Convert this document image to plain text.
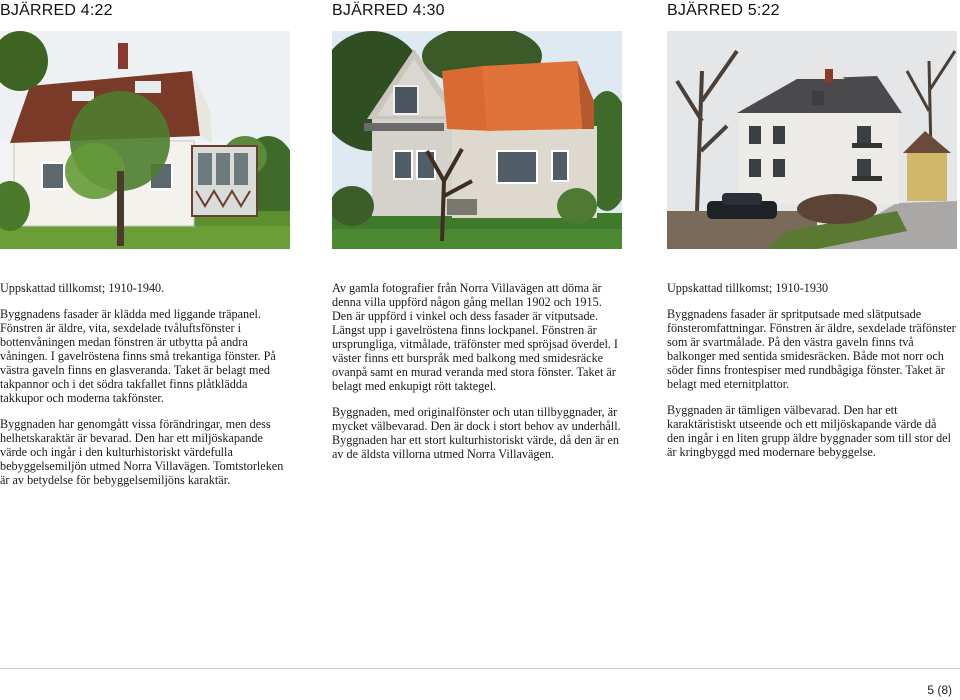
BJÄRRED 4:22

Uppskattad tillkomst; 1910-1940.

Byggnadens fasader är klädda med liggande träpanel. Fönstren är äldre, vita, sexdelade tvåluftsfönster i bottenvåningen medan fönstren är utbytta på andra våningen. I gavelröstena finns små trekantiga fönster. På västra gaveln finns en glasveranda. Taket är belagt med takpannor och i det södra takfallet finns plåtklädda takkupor och moderna takfönster.

Byggnaden har genomgått vissa förändringar, men dess helhetskaraktär är bevarad. Den har ett miljöskapande värde och ingår i den kulturhistoriskt värdefulla bebyggelsemiljön utmed Norra Villavägen. Tomtstorleken är av betydelse för bebyggelsemiljöns karaktär.

BJÄRRED 4:30

Av gamla fotografier från Norra Villavägen att döma är denna villa uppförd någon gång mellan 1902 och 1915. Den är uppförd i vinkel och dess fasader är vitputsade. Längst upp i gavelröstena finns lockpanel. Fönstren är ursprungliga, vitmålade, träfönster med spröjsad överdel. I väster finns ett burspråk med balkong med smidesräcke ovanpå samt en murad veranda med stora fönster. Taket är belagt med enkupigt rött taktegel.

Byggnaden, med originalfönster och utan tillbyggnader, är mycket välbevarad. Den är dock i stort behov av underhåll. Byggnaden har ett stort kulturhistoriskt värde, då den är en av de äldsta villorna utmed Norra Villavägen.

BJÄRRED 5:22

Uppskattad tillkomst; 1910-1930

Byggnadens fasader är spritputsade med slätputsade fönsteromfattningar. Fönstren är äldre, sexdelade träfönster som är svartmålade. På den västra gaveln finns två balkonger med sentida smidesräcken. Både mot norr och söder finns frontespiser med rundbågiga fönster. Taket är belagt med eternitplattor.

Byggnaden är tämligen välbevarad. Den har ett karaktäristiskt utseende och ett miljöskapande värde då den ingår i en liten grupp äldre byggnader som till stor del är kringbyggd med modernare bebyggelse.

5 (8)
